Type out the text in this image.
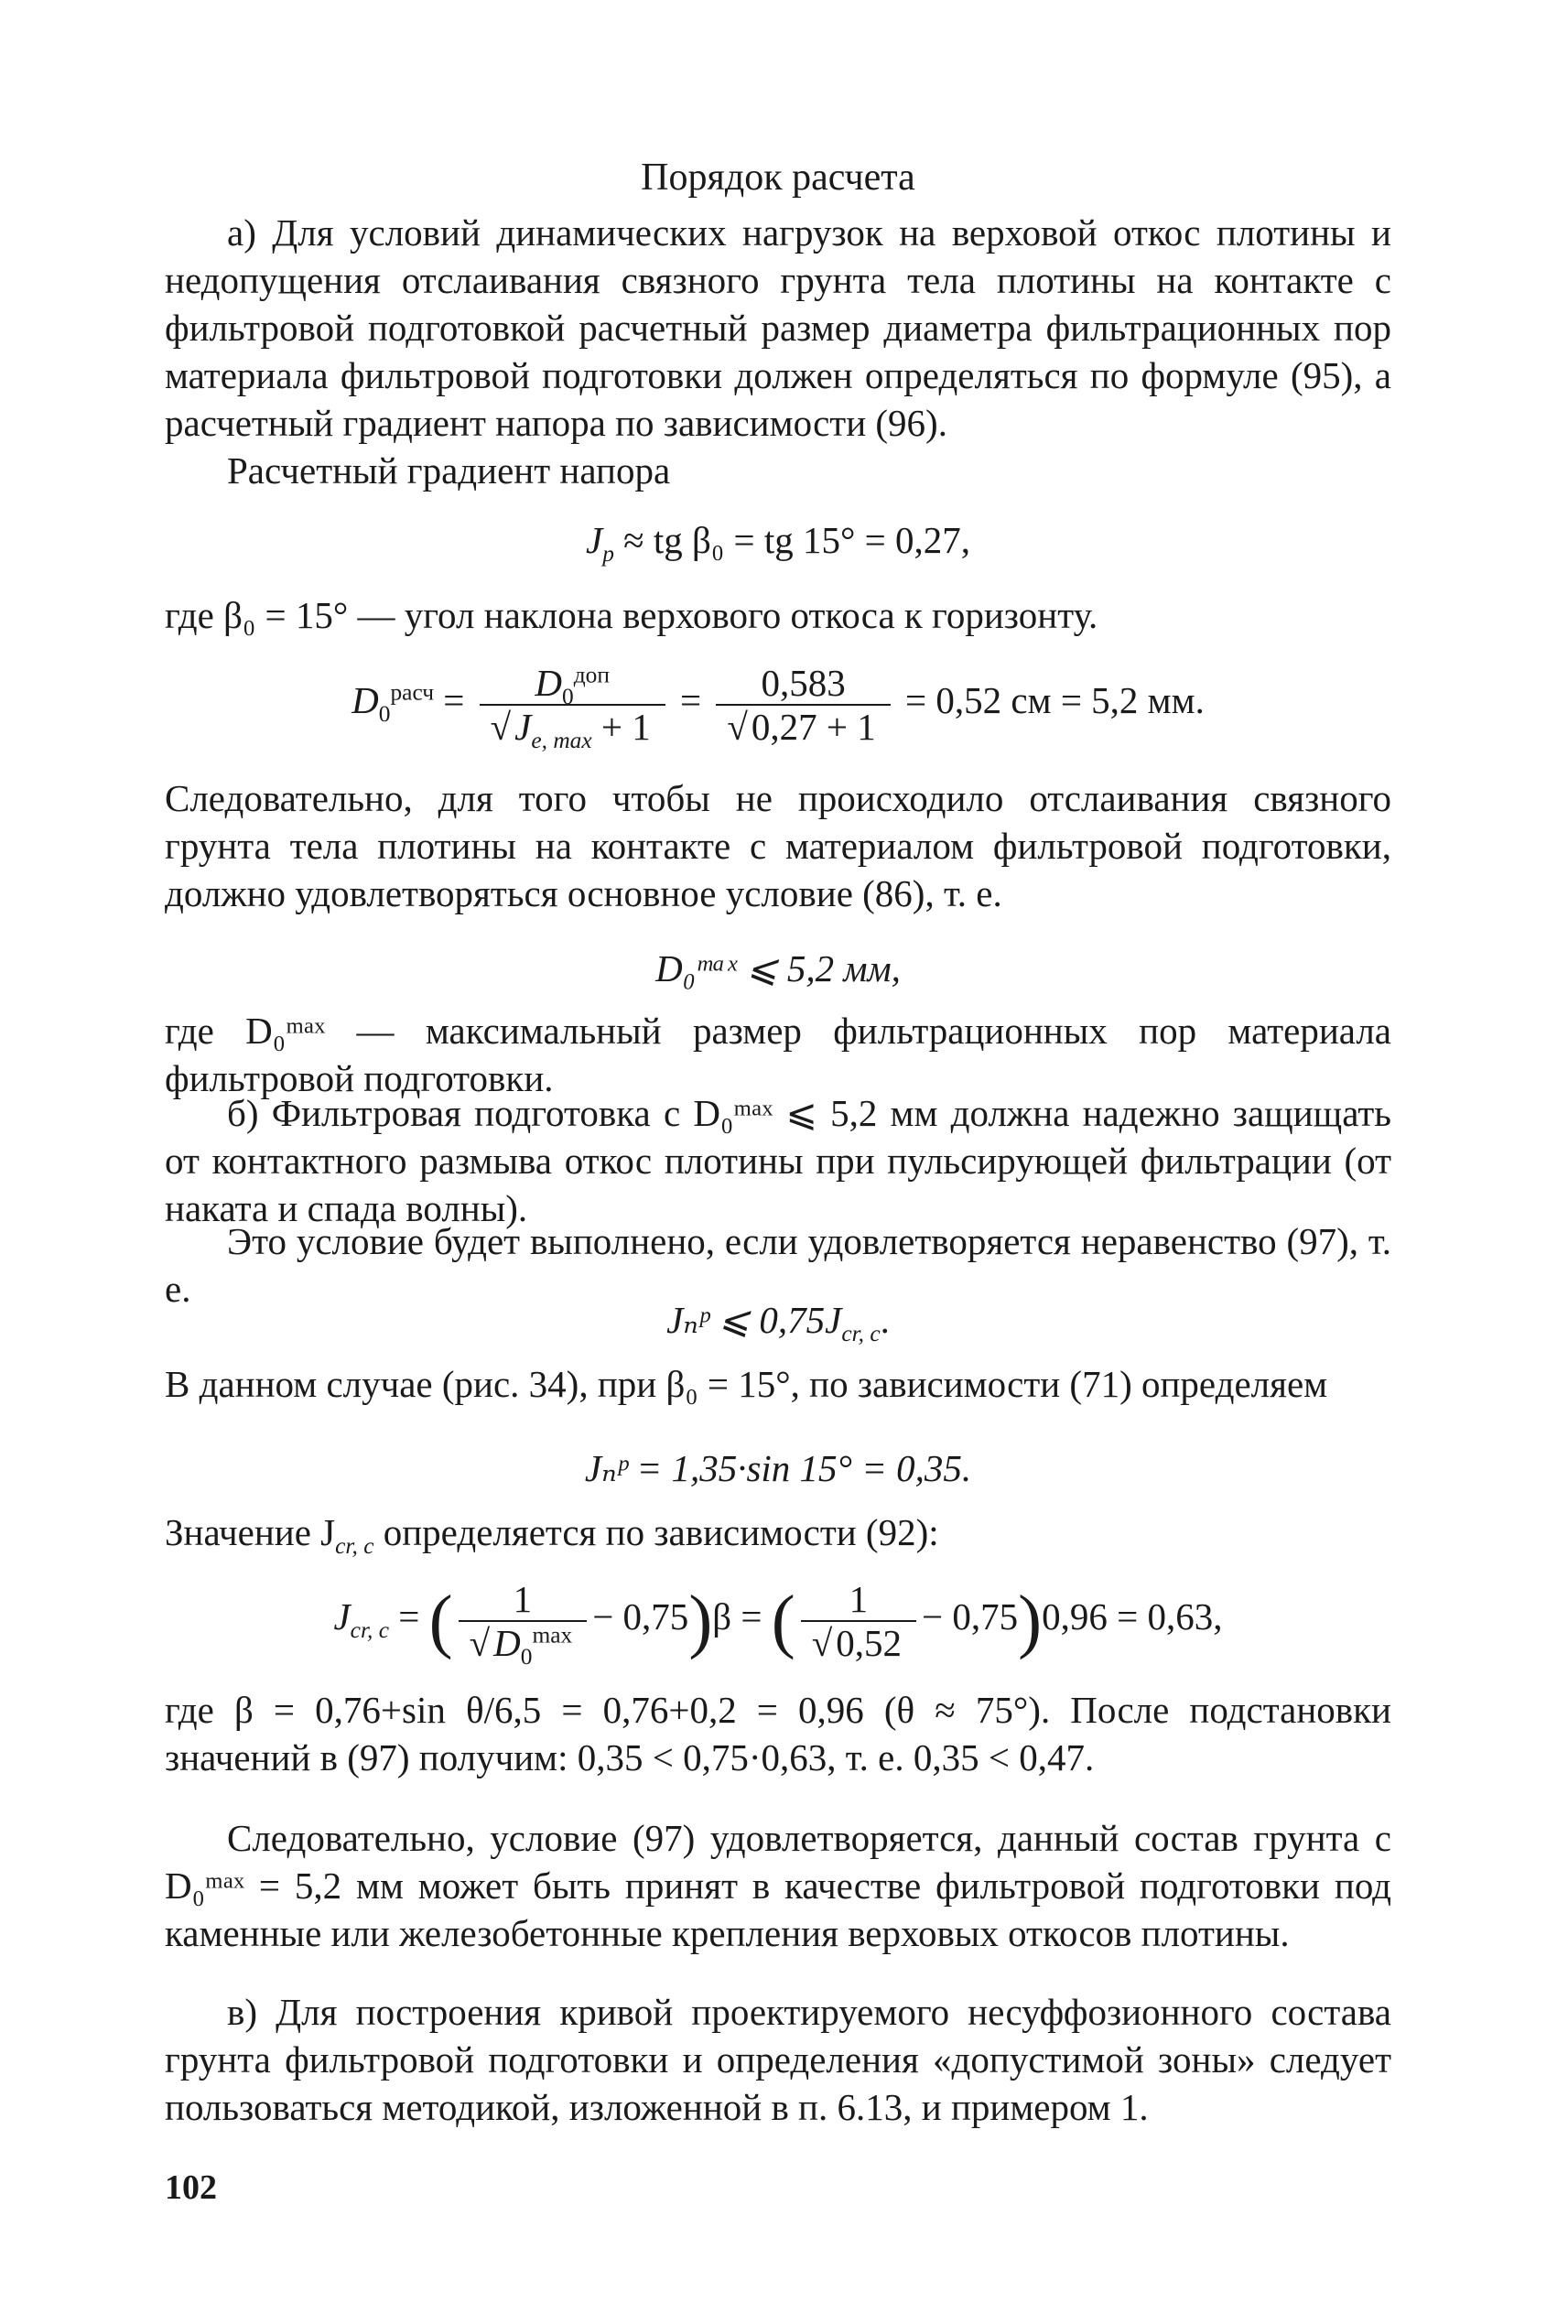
Порядок расчета
а) Для условий динамических нагрузок на верховой откос плотины и недопущения отслаивания связного грунта тела плотины на контакте с фильтровой подготовкой расчетный размер диаметра фильтрационных пор материала фильтровой подготовки должен определяться по формуле (95), а расчетный градиент напора по зависимости (96).
Расчетный градиент напора
$J_p$ ≈ tg β₀ = tg 15° = 0,27,
где β₀ = 15° — угол наклона верхового откоса к горизонту.
$D_0^{расч} = \frac{D_0^{доп}}{√J_{e, max} + 1} = \frac{0,583}{√0,27 + 1} = 0,52$ см = 5,2 мм.
Следовательно, для того чтобы не происходило отслаивания связного грунта тела плотины на контакте с материалом фильтровой подготовки, должно удовлетворяться основное условие (86), т. е.
D₀ᵐᵃˣ ⩽ 5,2 мм,
где D₀ᵐᵃˣ — максимальный размер фильтрационных пор материала фильтровой подготовки.
б) Фильтровая подготовка с D₀ᵐᵃˣ ⩽ 5,2 мм должна надежно защищать от контактного размыва откос плотины при пульсирующей фильтрации (от наката и спада волны).
Это условие будет выполнено, если удовлетворяется неравенство (97), т. е.
Jₙᵖ ⩽ $0,75J_{cr, c}$.
В данном случае (рис. 34), при β₀ = 15°, по зависимости (71) определяем
Jₙᵖ = 1,35·sin 15° = 0,35.
Значение $J_{cr, c}$ определяется по зависимости (92):
$J_{cr, c}$ = ( $\frac{1}{√D_0^{max}} - 0,75)\beta$ = ( $\frac{1}{√0,52} - 0,75)0,96 = 0,63$,
где β = 0,76+sin θ/6,5 = 0,76+0,2 = 0,96 (θ ≈ 75°). После подстановки значений в (97) получим: 0,35 < 0,75·0,63, т. е. 0,35 < 0,47.
Следовательно, условие (97) удовлетворяется, данный состав грунта с D₀ᵐᵃˣ = 5,2 мм может быть принят в качестве фильтровой подготовки под каменные или железобетонные крепления верховых откосов плотины.
в) Для построения кривой проектируемого несуффозионного состава грунта фильтровой подготовки и определения «допустимой зоны» следует пользоваться методикой, изложенной в п. 6.13, и примером 1.
102
